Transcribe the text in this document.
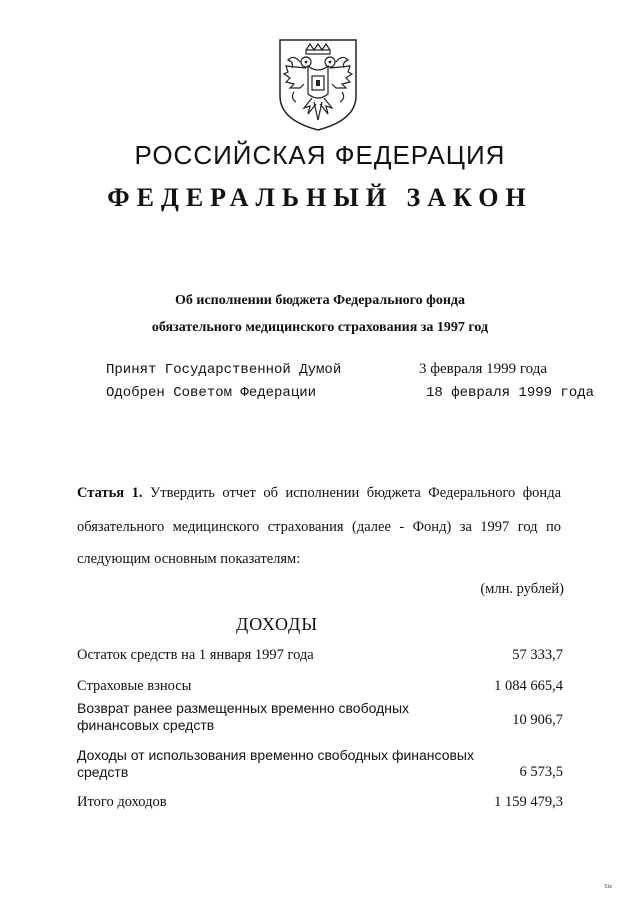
РОССИЙСКАЯ ФЕДЕРАЦИЯ
ФЕДЕРАЛЬНЫЙ ЗАКОН
Об исполнении бюджета Федерального фонда
обязательного медицинского страхования за 1997 год
Принят Государственной Думой	3 февраля 1999 года
Одобрен Советом Федерации	18 февраля 1999 года
Статья 1. Утвердить отчет об исполнении бюджета Федерального фонда
обязательного медицинского страхования (далее - Фонд) за 1997 год по
следующим основным показателям:
(млн. рублей)
ДОХОДЫ
Остаток средств на 1 января 1997 года	57 333,7
Страховые взносы	1 084 665,4
Возврат ранее размещенных временно свободных
финансовых средств	10 906,7
Доходы от использования временно свободных финансовых
средств	6 573,5
Итого доходов	1 159 479,3
5ix
